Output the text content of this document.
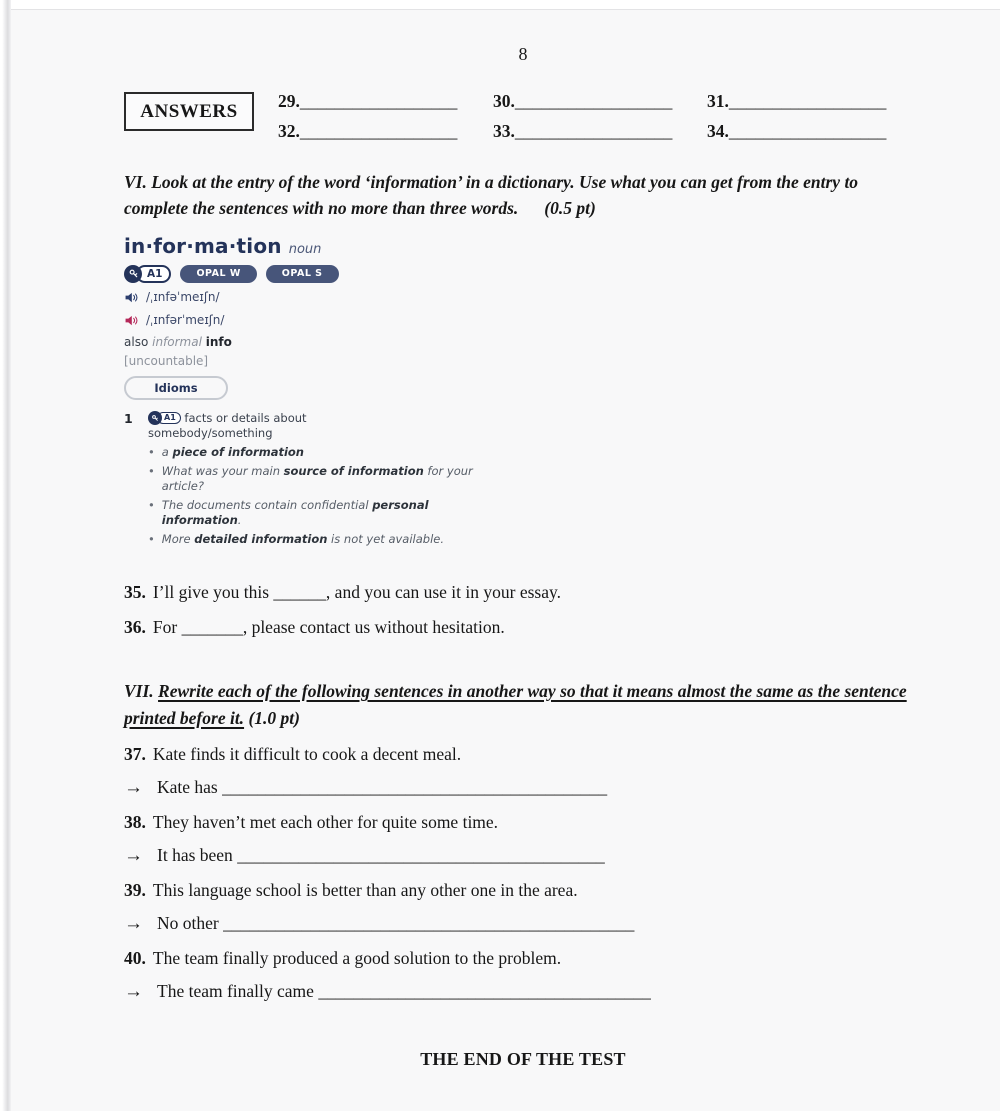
8
ANSWERS	29.__________________	30.__________________	31.__________________
32.__________________	33.__________________	34.__________________

VI. Look at the entry of the word ‘information’ in a dictionary. Use what you can get from the entry to complete the sentences with no more than three words. (0.5 pt)

in·for·ma·tion noun
A1	OPAL W	OPAL S
/ˌɪnfəˈmeɪʃn/
/ˌɪnfərˈmeɪʃn/
also informal info
[uncountable]
Idioms
1	A1 facts or details about somebody/something
• a piece of information
• What was your main source of information for your article?
• The documents contain confidential personal information.
• More detailed information is not yet available.

35. I’ll give you this ______, and you can use it in your essay.

36. For _______, please contact us without hesitation.

VII. Rewrite each of the following sentences in another way so that it means almost the same as the sentence printed before it. (1.0 pt)

37. Kate finds it difficult to cook a decent meal.

→ Kate has ____________________________________________

38. They haven’t met each other for quite some time.

→ It has been __________________________________________

39. This language school is better than any other one in the area.

→ No other _______________________________________________

40. The team finally produced a good solution to the problem.

→ The team finally came ______________________________________

THE END OF THE TEST
